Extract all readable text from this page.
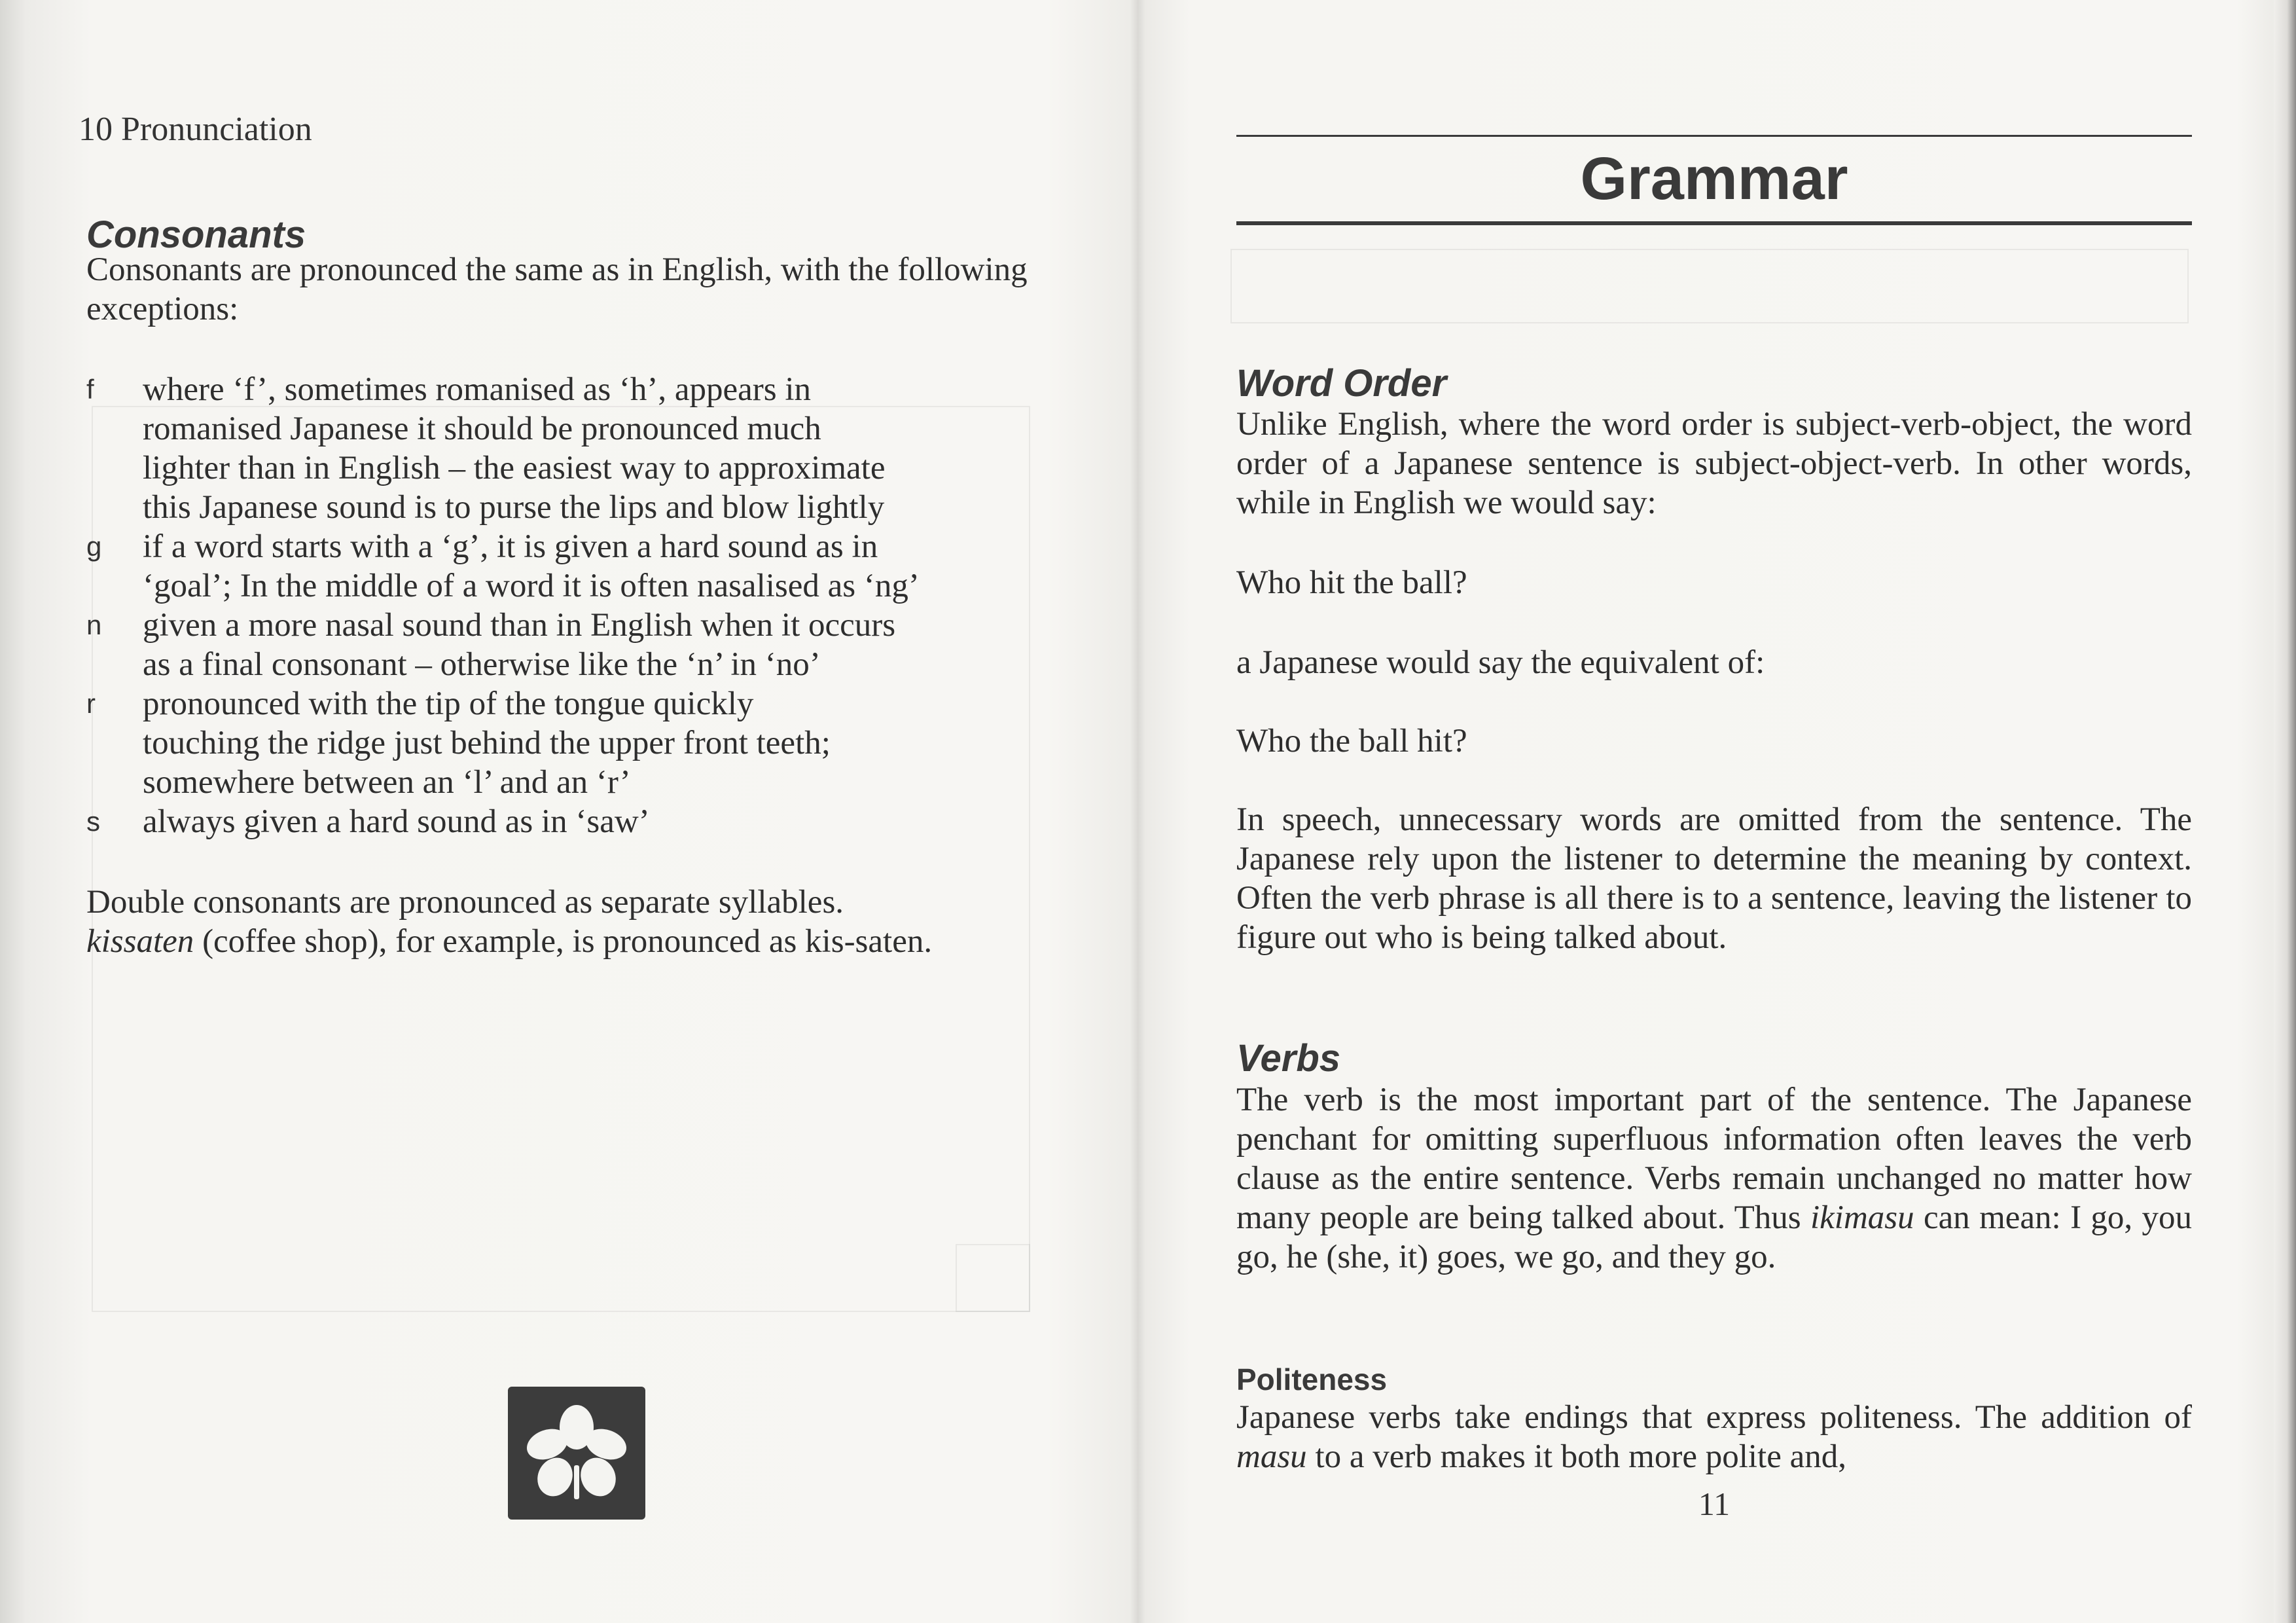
10 Pronunciation
Consonants

Consonants are pronounced the same as in English, with the following exceptions:

f	where ‘f’, sometimes romanised as ‘h’, appears in
romanised Japanese it should be pronounced much
lighter than in English – the easiest way to approximate
this Japanese sound is to purse the lips and blow lightly
g	if a word starts with a ‘g’, it is given a hard sound as in
‘goal’; In the middle of a word it is often nasalised as ‘ng’
n	given a more nasal sound than in English when it occurs
as a final consonant – otherwise like the ‘n’ in ‘no’
r	pronounced with the tip of the tongue quickly
touching the ridge just behind the upper front teeth;
somewhere between an ‘l’ and an ‘r’
s	always given a hard sound as in ‘saw’

Double consonants are pronounced as separate syllables.
kissaten (coffee shop), for example, is pronounced as kis-saten.

Grammar
Word Order

Unlike English, where the word order is subject-verb-object, the word order of a Japanese sentence is subject-object-verb. In other words, while in English we would say:

Who hit the ball?

a Japanese would say the equivalent of:

Who the ball hit?

In speech, unnecessary words are omitted from the sentence. The Japanese rely upon the listener to determine the meaning by context. Often the verb phrase is all there is to a sentence, leaving the listener to figure out who is being talked about.

Verbs

The verb is the most important part of the sentence. The Japanese penchant for omitting superfluous information often leaves the verb clause as the entire sentence. Verbs remain unchanged no matter how many people are being talked about. Thus ikimasu can mean: I go, you go, he (she, it) goes, we go, and they go.

Politeness

Japanese verbs take endings that express politeness. The addition of masu to a verb makes it both more polite and,

11
